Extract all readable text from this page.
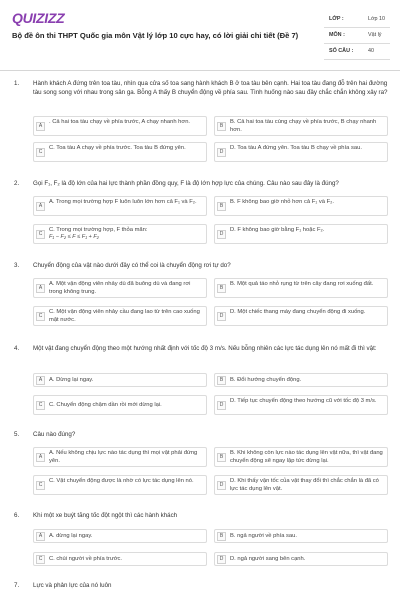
QUIZIZZ
Bộ đề ôn thi THPT Quốc gia môn Vật lý lớp 10 cực hay, có lời giải chi tiết (Đề 7)
LỚP :	Lớp 10
MÔN :	Vật lý
SỐ CÂU :	40
1. Hành khách A đứng trên toa tàu, nhìn qua cửa số toa sang hành khách B ở toa tàu bên cạnh. Hai toa tàu đang đỗ trên hai đường tàu song song với nhau trong sân ga. Bỗng A thấy B chuyển động về phía sau. Tình huống nào sau đây chắc chắn không xảy ra?
A
. Cả hai toa tàu chạy về phía trước, A chạy nhanh hơn.
B
B. Cả hai toa tàu cùng chạy về phía trước, B chạy nhanh hơn.
C
C. Toa tàu A chạy về phía trước. Toa tàu B đứng yên.
D
D. Toa tàu A đứng yên. Toa tàu B chạy về phía sau.
2. Gọi F₁, F₂ là độ lớn của hai lực thành phần đồng quy, F là độ lớn hợp lực của chúng. Câu nào sau đây là đúng?
A
A. Trong mọi trường hợp F luôn luôn lớn hơn cả F₁ và F₂.
B
B. F không bao giờ nhỏ hơn cả F₁ và F₂.
C
C. Trong mọi trường hợp, F thỏa mãn:
F₁ − F₂ ≤ F ≤ F₁ + F₂
D
D. F không bao giờ bằng F₁ hoặc F₂.
3. Chuyển động của vật nào dưới đây có thể coi là chuyển động rơi tự do?
A
A. Một vận động viên nhảy dù đã buông dù và đang rơi trong không trung.
B
B. Một quả táo nhỏ rụng từ trên cây đang rơi xuống đất.
C
C. Một vận động viên nhảy cầu đang lao từ trên cao xuống mặt nước.
D
D. Một chiếc thang máy đang chuyển động đi xuống.
4. Một vật đang chuyển động theo một hướng nhất định với tốc độ 3 m/s. Nếu bỗng nhiên các lực tác dụng lên nó mất đi thì vật:
A	A. Dừng lại ngay.	B	B. Đổi hướng chuyển động.
C	C. Chuyển động chậm dần rồi mới dừng lại.	D
D. Tiếp tục chuyển động theo hướng cũ với tốc độ 3 m/s.
5. Câu nào đúng?
A
A. Nếu không chịu lực nào tác dụng thì mọi vật phải đứng yên.
B
B. Khi không còn lực nào tác dụng lên vật nữa, thì vật đang chuyển động sẽ ngay lập tức dừng lại.
C
C. Vật chuyển động được là nhờ có lực tác dụng lên nó.
D
D. Khi thấy vận tốc của vật thay đổi thì chắc chắn là đã có lực tác dụng lên vật.
6. Khi một xe buýt tăng tốc đột ngột thì các hành khách
A	A. dừng lại ngay.	B	B. ngả người về phía sau.
C	C. chúi người về phía trước.	D	D. ngả người sang bên cạnh.
7. Lực và phản lực của nó luôn
